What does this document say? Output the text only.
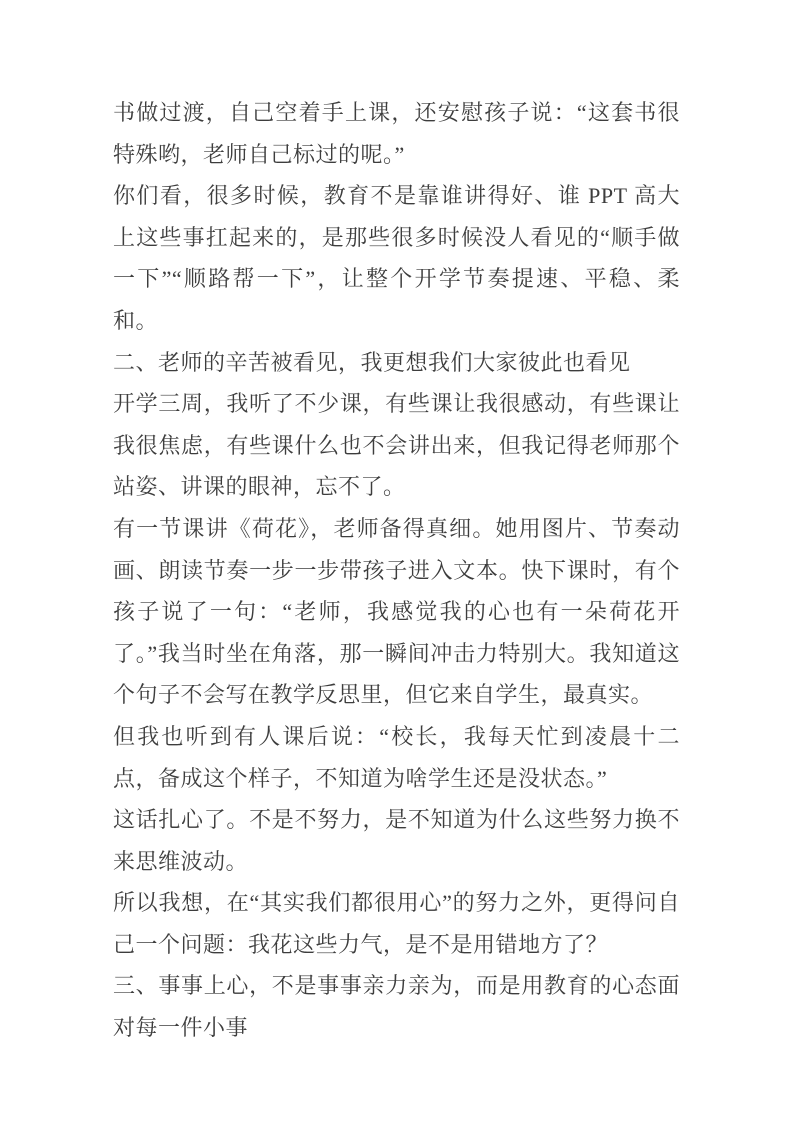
书做过渡，自己空着手上课，还安慰孩子说：“这套书很特殊哟，老师自己标过的呢。”

你们看，很多时候，教育不是靠谁讲得好、谁 PPT 高大上这些事扛起来的，是那些很多时候没人看见的“顺手做一下”“顺路帮一下”，让整个开学节奏提速、平稳、柔和。

二、老师的辛苦被看见，我更想我们大家彼此也看见

开学三周，我听了不少课，有些课让我很感动，有些课让我很焦虑，有些课什么也不会讲出来，但我记得老师那个站姿、讲课的眼神，忘不了。

有一节课讲《荷花》，老师备得真细。她用图片、节奏动画、朗读节奏一步一步带孩子进入文本。快下课时，有个孩子说了一句：“老师，我感觉我的心也有一朵荷花开了。”我当时坐在角落，那一瞬间冲击力特别大。我知道这个句子不会写在教学反思里，但它来自学生，最真实。

但我也听到有人课后说：“校长，我每天忙到凌晨十二点，备成这个样子，不知道为啥学生还是没状态。”

这话扎心了。不是不努力，是不知道为什么这些努力换不来思维波动。

所以我想，在“其实我们都很用心”的努力之外，更得问自己一个问题：我花这些力气，是不是用错地方了？

三、事事上心，不是事事亲力亲为，而是用教育的心态面对每一件小事
